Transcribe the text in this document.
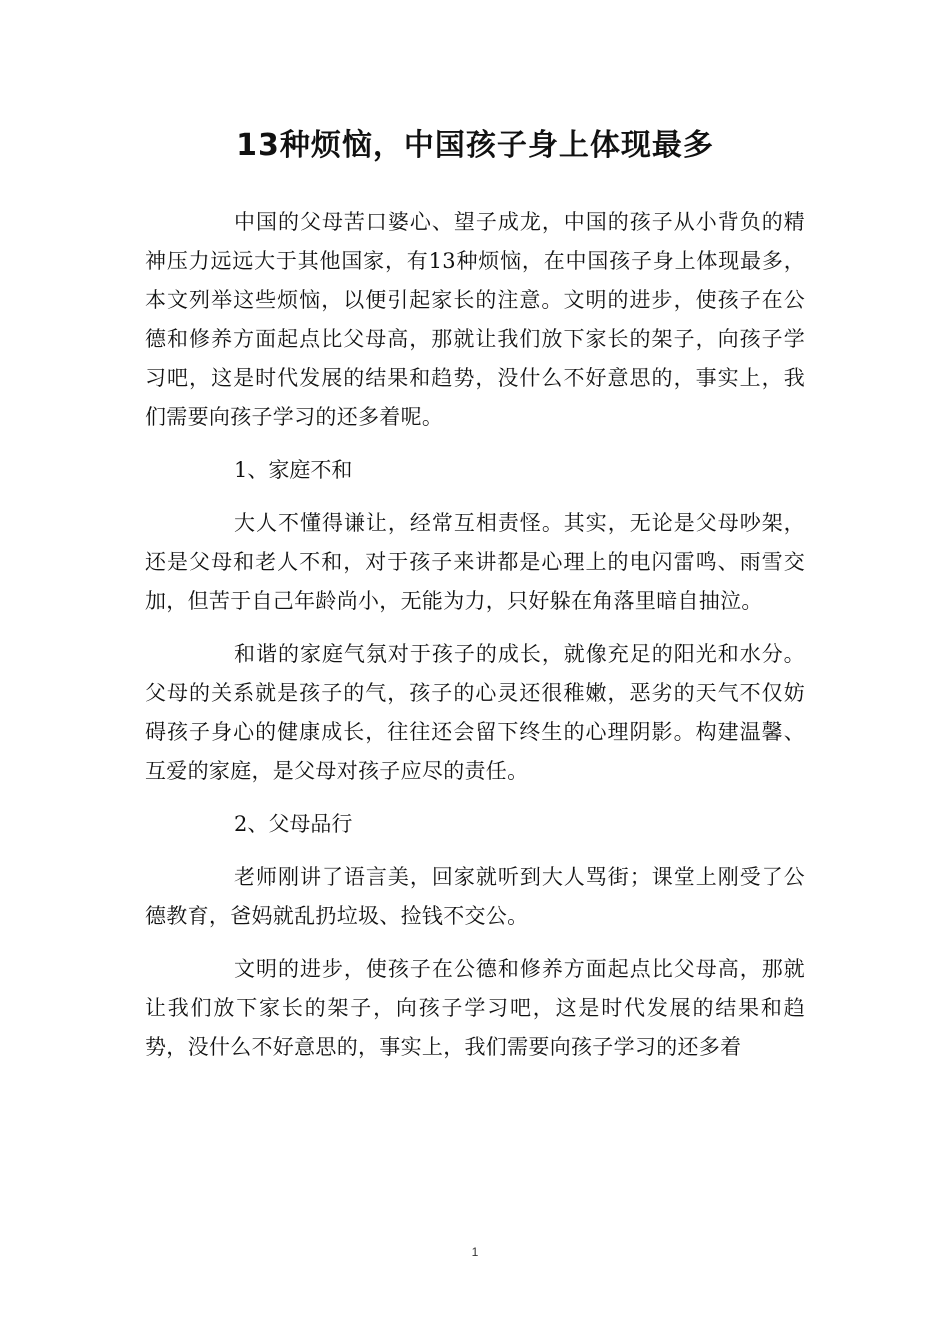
13种烦恼，中国孩子身上体现最多

中国的父母苦口婆心、望子成龙，中国的孩子从小背负的精神压力远远大于其他国家，有13种烦恼，在中国孩子身上体现最多，本文列举这些烦恼，以便引起家长的注意。文明的进步，使孩子在公德和修养方面起点比父母高，那就让我们放下家长的架子，向孩子学习吧，这是时代发展的结果和趋势，没什么不好意思的，事实上，我们需要向孩子学习的还多着呢。

1、家庭不和

大人不懂得谦让，经常互相责怪。其实，无论是父母吵架，还是父母和老人不和，对于孩子来讲都是心理上的电闪雷鸣、雨雪交加，但苦于自己年龄尚小，无能为力，只好躲在角落里暗自抽泣。

和谐的家庭气氛对于孩子的成长，就像充足的阳光和水分。父母的关系就是孩子的气，孩子的心灵还很稚嫩，恶劣的天气不仅妨碍孩子身心的健康成长，往往还会留下终生的心理阴影。构建温馨、互爱的家庭，是父母对孩子应尽的责任。

2、父母品行

老师刚讲了语言美，回家就听到大人骂街；课堂上刚受了公德教育，爸妈就乱扔垃圾、捡钱不交公。

文明的进步，使孩子在公德和修养方面起点比父母高，那就让我们放下家长的架子，向孩子学习吧，这是时代发展的结果和趋势，没什么不好意思的，事实上，我们需要向孩子学习的还多着

1
